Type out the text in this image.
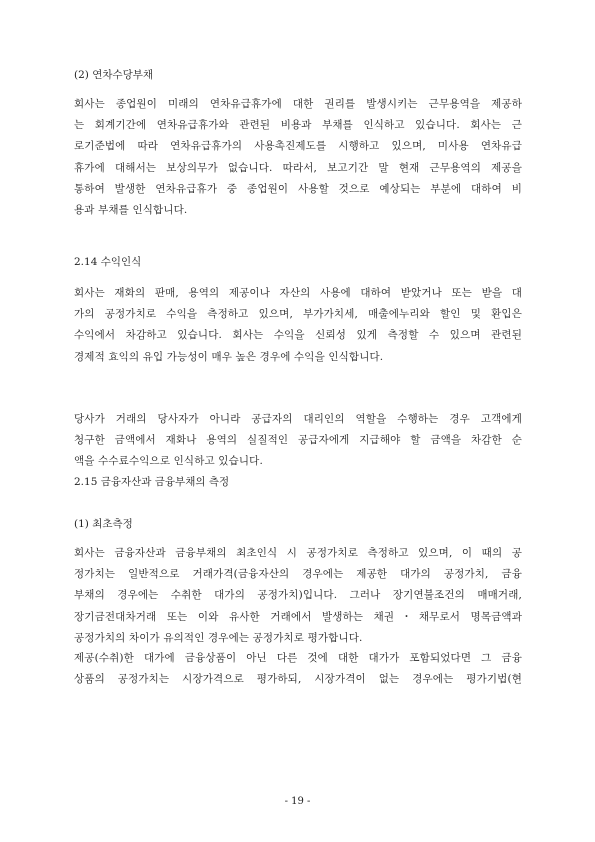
(2) 연차수당부채
회사는 종업원이 미래의 연차유급휴가에 대한 권리를 발생시키는 근무용역을 제공하
는 회계기간에 연차유급휴가와 관련된 비용과 부채를 인식하고 있습니다. 회사는 근
로기준법에 따라 연차유급휴가의 사용촉진제도를 시행하고 있으며, 미사용 연차유급
휴가에 대해서는 보상의무가 없습니다. 따라서, 보고기간 말 현재 근무용역의 제공을
통하여 발생한 연차유급휴가 중 종업원이 사용할 것으로 예상되는 부분에 대하여 비
용과 부채를 인식합니다.
2.14 수익인식
회사는 재화의 판매, 용역의 제공이나 자산의 사용에 대하여 받았거나 또는 받을 대
가의 공정가치로 수익을 측정하고 있으며, 부가가치세, 매출에누리와 할인 및 환입은
수익에서 차감하고 있습니다. 회사는 수익을 신뢰성 있게 측정할 수 있으며 관련된
경제적 효익의 유입 가능성이 매우 높은 경우에 수익을 인식합니다.
당사가 거래의 당사자가 아니라 공급자의 대리인의 역할을 수행하는 경우 고객에게
청구한 금액에서 재화나 용역의 실질적인 공급자에게 지급해야 할 금액을 차감한 순
액을 수수료수익으로 인식하고 있습니다.
2.15 금융자산과 금융부채의 측정
(1) 최초측정
회사는 금융자산과 금융부채의 최초인식 시 공정가치로 측정하고 있으며, 이 때의 공
정가치는 일반적으로 거래가격(금융자산의 경우에는 제공한 대가의 공정가치, 금융
부채의 경우에는 수취한 대가의 공정가치)입니다. 그러나 장기연불조건의 매매거래,
장기금전대차거래 또는 이와 유사한 거래에서 발생하는 채권・채무로서 명목금액과
공정가치의 차이가 유의적인 경우에는 공정가치로 평가합니다.
제공(수취)한 대가에 금융상품이 아닌 다른 것에 대한 대가가 포함되었다면 그 금융
상품의 공정가치는 시장가격으로 평가하되, 시장가격이 없는 경우에는 평가기법(현
- 19 -
